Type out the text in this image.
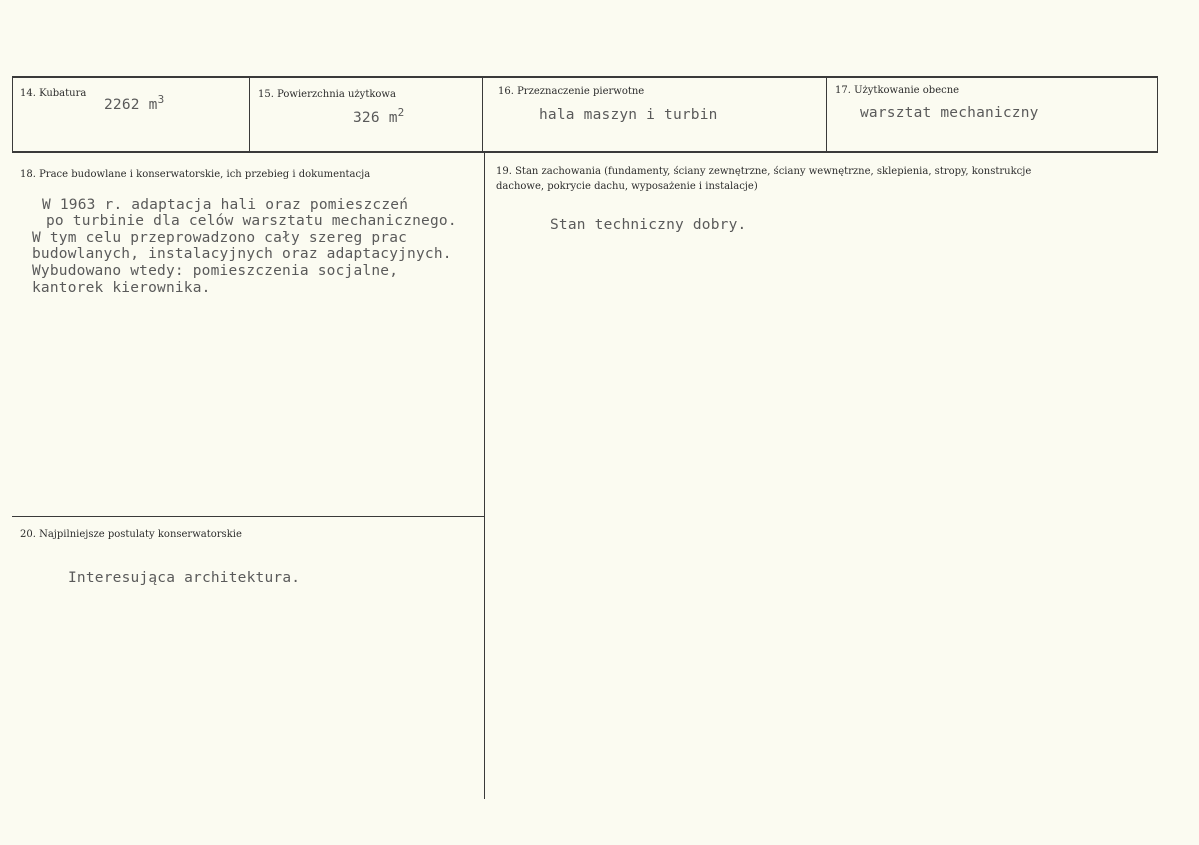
14. Kubatura
2262 $m^3$	15. Powierzchnia użytkowa
326 $m^2$
16. Przeznaczenie pierwotne
hala maszyn i turbin
17. Użytkowanie obecne
warsztat mechaniczny
18. Prace budowlane i konserwatorskie, ich przebieg i dokumentacja

W 1963 r. adaptacja hali oraz pomieszczeń

po turbinie dla celów warsztatu mechanicznego.

W tym celu przeprowadzono cały szereg prac

budowlanych, instalacyjnych oraz adaptacyjnych.

Wybudowano wtedy: pomieszczenia socjalne,

kantorek kierownika.

19. Stan zachowania (fundamenty, ściany zewnętrzne, ściany wewnętrzne, sklepienia, stropy, konstrukcje dachowe, pokrycie dachu, wyposażenie i instalacje)
Stan techniczny dobry.
20. Najpilniejsze postulaty konserwatorskie
Interesująca architektura.
